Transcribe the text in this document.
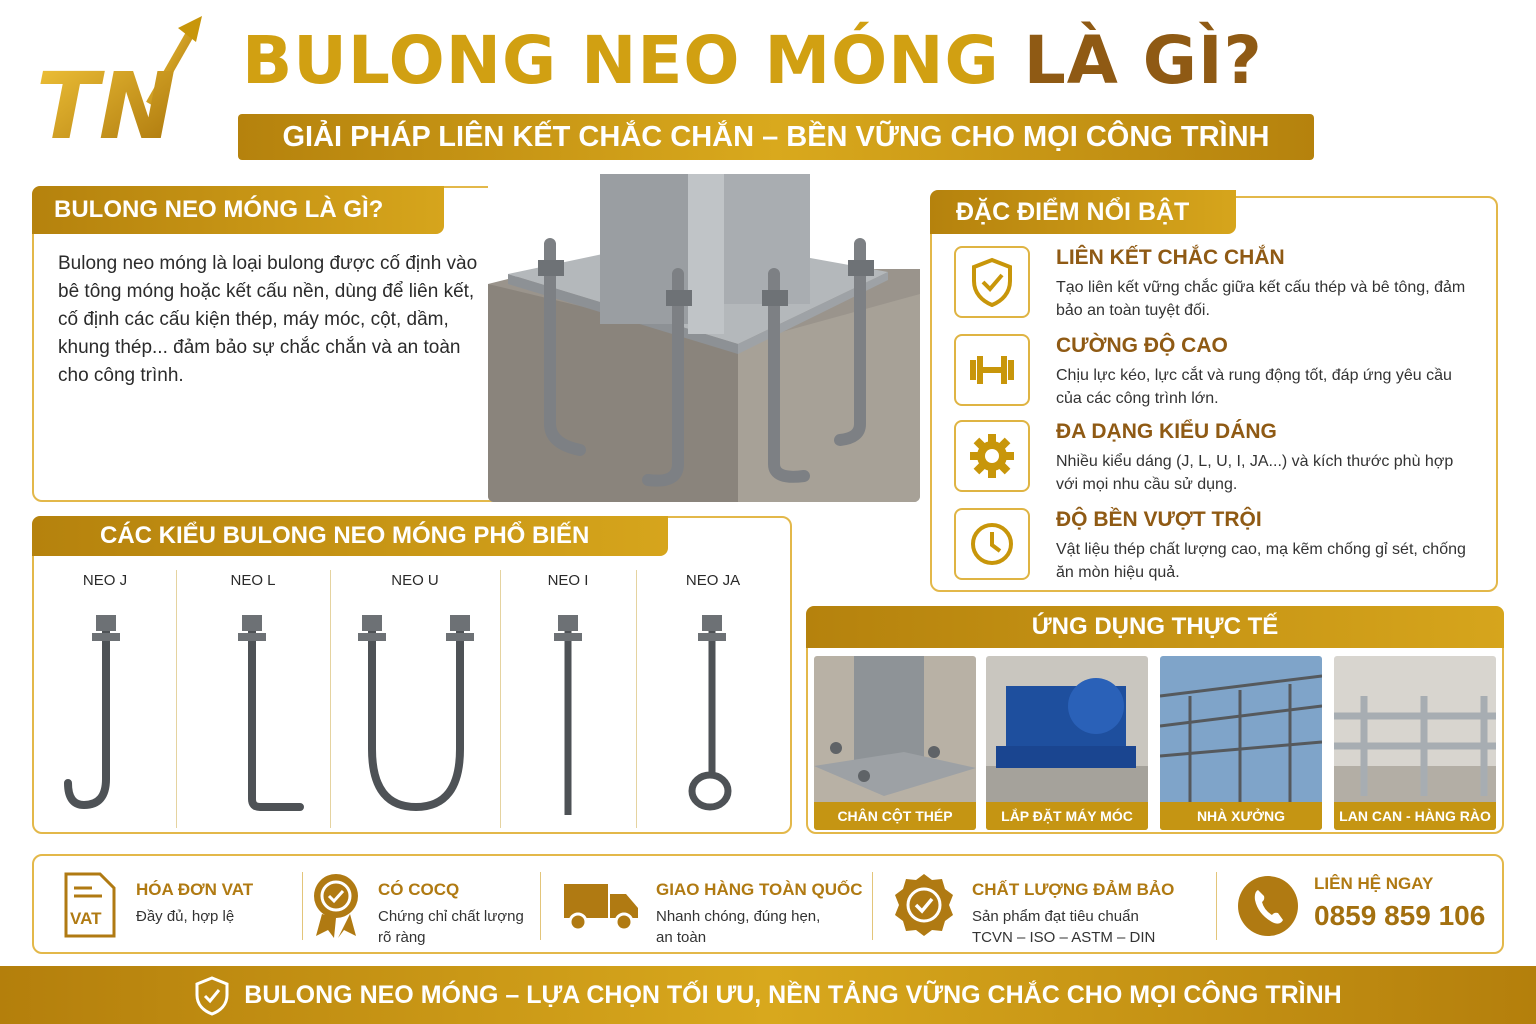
TN BULONG NEO MÓNG LÀ GÌ?
GIẢI PHÁP LIÊN KẾT CHẮC CHẮN – BỀN VỮNG CHO MỌI CÔNG TRÌNH
BULONG NEO MÓNG LÀ GÌ?
Bulong neo móng là loại bulong được cố định vào bê tông móng hoặc kết cấu nền, dùng để liên kết, cố định các cấu kiện thép, máy móc, cột, dầm, khung thép... đảm bảo sự chắc chắn và an toàn cho công trình.
ĐẶC ĐIỂM NỔI BẬT
LIÊN KẾT CHẮC CHẮN
Tạo liên kết vững chắc giữa kết cấu thép và bê tông, đảm bảo an toàn tuyệt đối.
CƯỜNG ĐỘ CAO
Chịu lực kéo, lực cắt và rung động tốt, đáp ứng yêu cầu của các công trình lớn.
ĐA DẠNG KIỂU DÁNG
Nhiều kiểu dáng (J, L, U, I, JA...) và kích thước phù hợp với mọi nhu cầu sử dụng.
ĐỘ BỀN VƯỢT TRỘI
Vật liệu thép chất lượng cao, mạ kẽm chống gỉ sét, chống ăn mòn hiệu quả.
CÁC KIỂU BULONG NEO MÓNG PHỔ BIẾN
NEO J	NEO L	NEO U	NEO I	NEO JA
ỨNG DỤNG THỰC TẾ
CHÂN CỘT THÉP	LẮP ĐẶT MÁY MÓC	NHÀ XƯỞNG	LAN CAN - HÀNG RÀO
VAT
HÓA ĐƠN VAT
Đầy đủ, hợp lệ
CÓ COCQ
Chứng chỉ chất lượng
rõ ràng
GIAO HÀNG TOÀN QUỐC
Nhanh chóng, đúng hẹn,
an toàn
CHẤT LƯỢNG ĐẢM BẢO
Sản phẩm đạt tiêu chuẩn
TCVN – ISO – ASTM – DIN
LIÊN HỆ NGAY
0859 859 106
BULONG NEO MÓNG – LỰA CHỌN TỐI ƯU, NỀN TẢNG VỮNG CHẮC CHO MỌI CÔNG TRÌNH
